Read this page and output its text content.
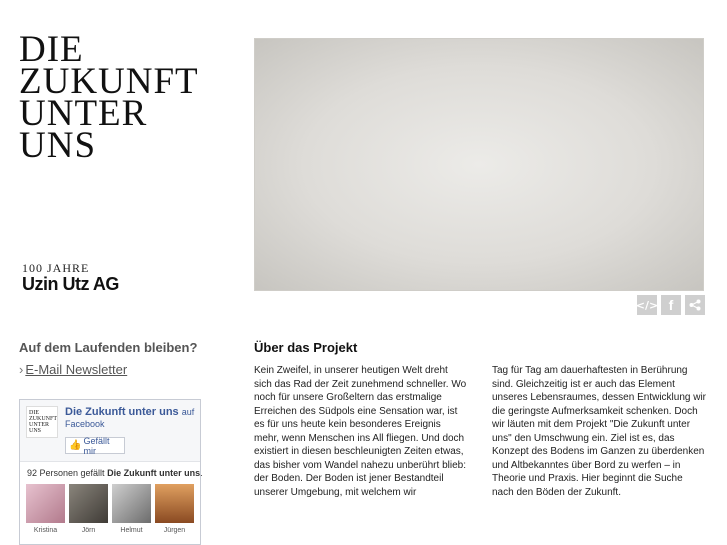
DIE
ZUKUNFT
UNTER
UNS
100 JAHRE
Uzin Utz AG
</> f
Auf dem Laufenden bleiben?
› E-Mail Newsletter
DIE
ZUKUNFT
UNTER
UNS
Die Zukunft unter uns auf Facebook
👍 Gefällt mir
92 Personen gefällt Die Zukunft unter uns.
Kristina	Jörn	Helmut	Jürgen
Über das Projekt
Kein Zweifel, in unserer heutigen Welt dreht sich das Rad der Zeit zunehmend schneller. Wo noch für unsere Großeltern das erstmalige Erreichen des Südpols eine Sensation war, ist es für uns heute kein besonderes Ereignis mehr, wenn Menschen ins All fliegen. Und doch existiert in diesen beschleunigten Zeiten etwas, das bisher vom Wandel nahezu unberührt blieb: der Boden. Der Boden ist jener Bestandteil unserer Umgebung, mit welchem wir
Tag für Tag am dauerhaftesten in Berührung sind. Gleichzeitig ist er auch das Element unseres Lebensraumes, dessen Entwicklung wir die geringste Aufmerksamkeit schenken. Doch wir läuten mit dem Projekt "Die Zukunft unter uns" den Umschwung ein. Ziel ist es, das Konzept des Bodens im Ganzen zu überdenken und Altbekanntes über Bord zu werfen – in Theorie und Praxis. Hier beginnt die Suche nach den Böden der Zukunft.
